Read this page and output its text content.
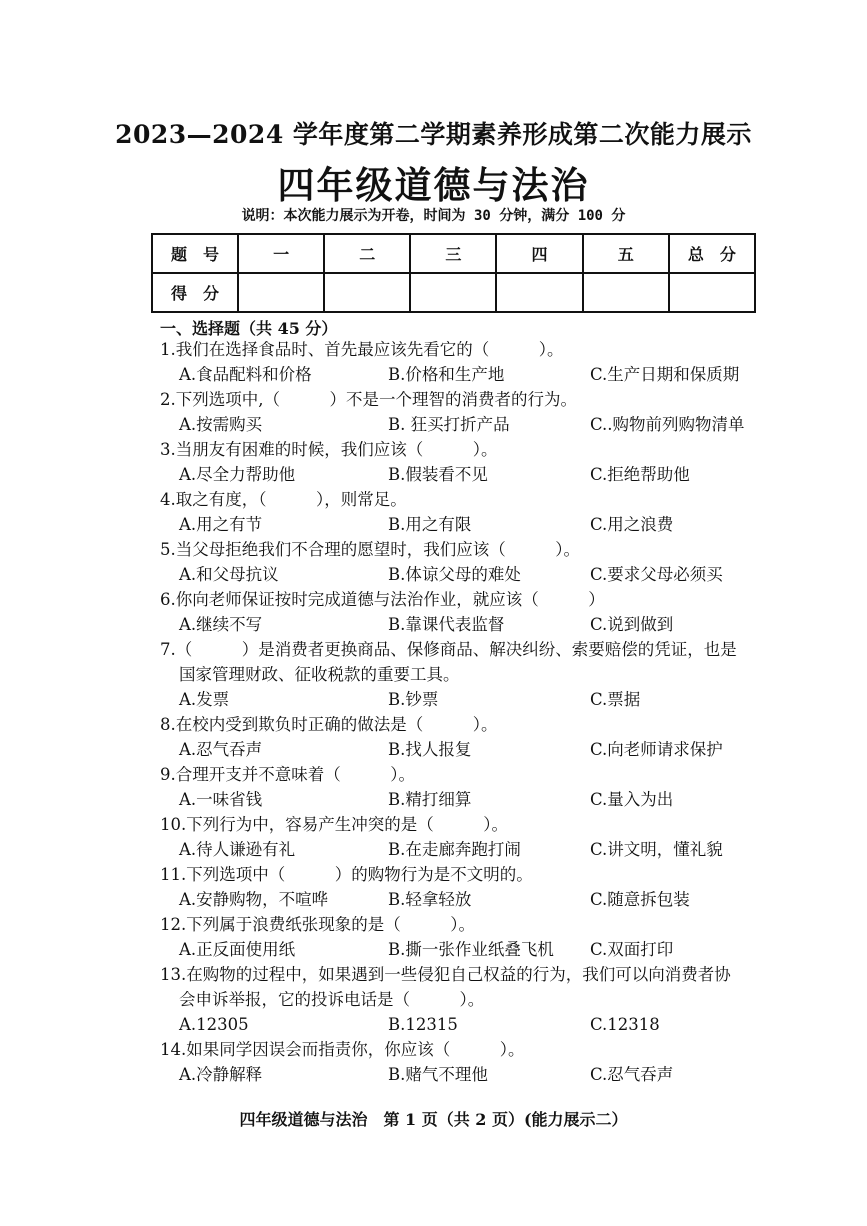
2023—2024 学年度第二学期素养形成第二次能力展示
四年级道德与法治
说明：本次能力展示为开卷，时间为 30 分钟，满分 100 分
题　号	一	二	三	四	五	总　分
得　分						
一、选择题（共 45 分）
1.我们在选择食品时、首先最应该先看它的（　　　）。
A.食品配料和价格	B.价格和生产地	C.生产日期和保质期
2.下列选项中,（　　　）不是一个理智的消费者的行为。
A.按需购买	B. 狂买打折产品	C..购物前列购物清单
3.当朋友有困难的时候，我们应该（　　　）。
A.尽全力帮助他	B.假装看不见	C.拒绝帮助他
4.取之有度，（　　　），则常足。
A.用之有节	B.用之有限	C.用之浪费
5.当父母拒绝我们不合理的愿望时，我们应该（　　　）。
A.和父母抗议	B.体谅父母的难处	C.要求父母必须买
6.你向老师保证按时完成道德与法治作业，就应该（　　　）
A.继续不写	B.靠课代表监督	C.说到做到
7.（　　　）是消费者更换商品、保修商品、解决纠纷、索要赔偿的凭证，也是
国家管理财政、征收税款的重要工具。
A.发票	B.钞票	C.票据
8.在校内受到欺负时正确的做法是（　　　）。
A.忍气吞声	B.找人报复	C.向老师请求保护
9.合理开支并不意味着（　　　）。
A.一味省钱	B.精打细算	C.量入为出
10.下列行为中，容易产生冲突的是（　　　）。
A.待人谦逊有礼	B.在走廊奔跑打闹	C.讲文明，懂礼貌
11.下列选项中（　　　）的购物行为是不文明的。
A.安静购物，不喧哗	B.轻拿轻放	C.随意拆包装
12.下列属于浪费纸张现象的是（　　　）。
A.正反面使用纸	B.撕一张作业纸叠飞机 C.双面打印
13.在购物的过程中，如果遇到一些侵犯自己权益的行为，我们可以向消费者协
会申诉举报，它的投诉电话是（　　　）。
A.12305	B.12315	C.12318
14.如果同学因误会而指责你，你应该（　　　）。
A.冷静解释	B.赌气不理他	C.忍气吞声
四年级道德与法治　第 1 页（共 2 页）(能力展示二）
